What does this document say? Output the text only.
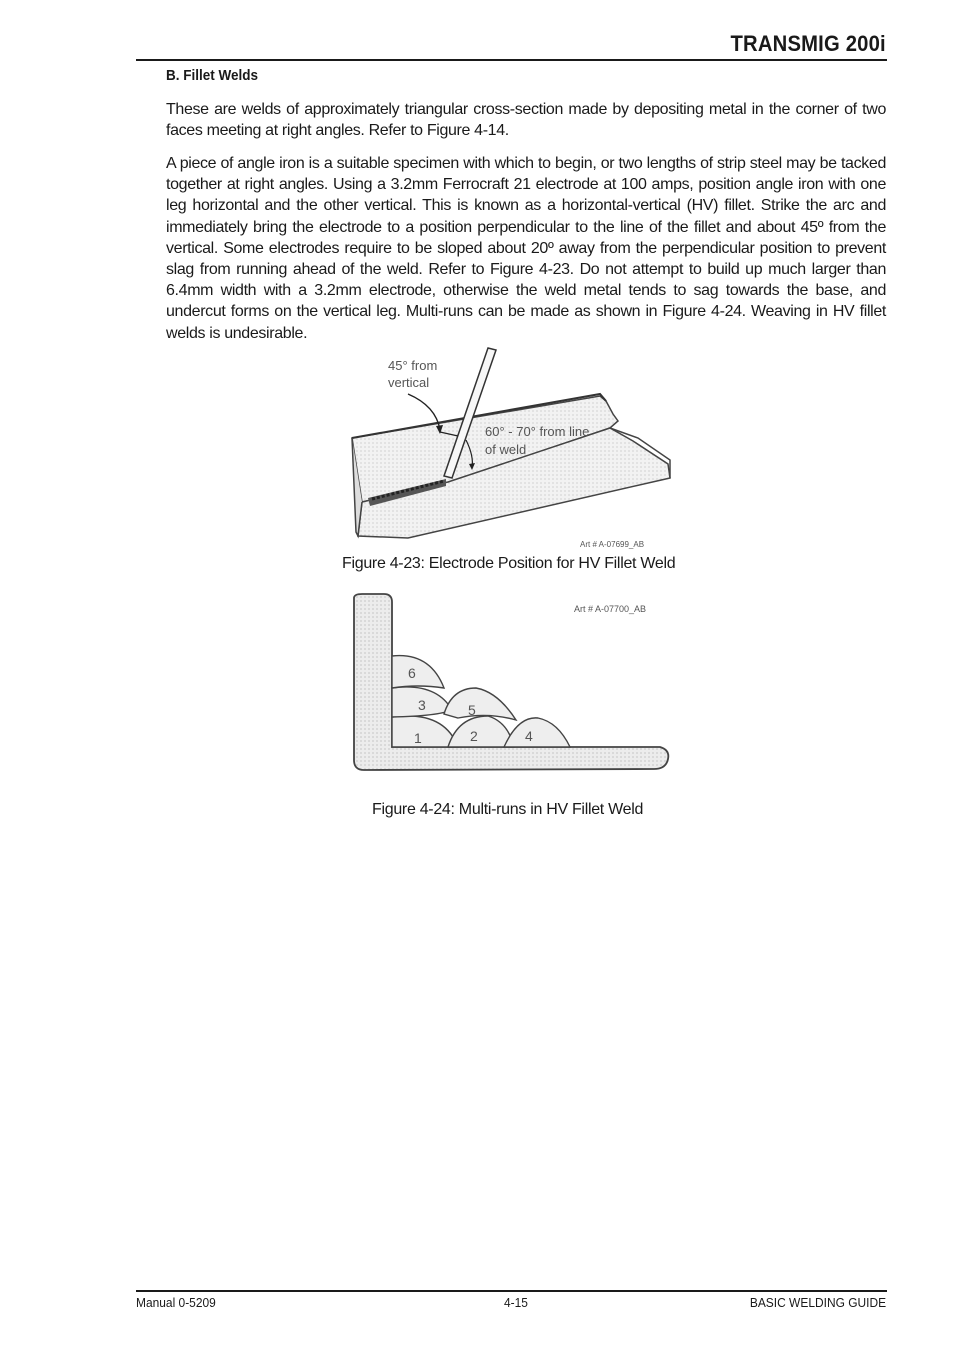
TRANSMIG 200i
B. Fillet Welds

These are welds of approximately triangular cross-section made by depositing metal in the corner of two faces meeting at right angles. Refer to Figure 4-14.

A piece of angle iron is a suitable specimen with which to begin, or two lengths of strip steel may be tacked together at right angles. Using a 3.2mm Ferrocraft 21 electrode at 100 amps, position angle iron with one leg horizontal and the other vertical. This is known as a horizontal-vertical (HV) fillet. Strike the arc and immediately bring the electrode to a position perpendicular to the line of the fillet and about 45º from the vertical. Some electrodes require to be sloped about 20º away from the perpendicular position to prevent slag from running ahead of the weld. Refer to Figure 4-23. Do not attempt to build up much larger than 6.4mm width with a 3.2mm electrode, otherwise the weld metal tends to sag towards the base, and undercut forms on the vertical leg. Multi-runs can be made as shown in Figure 4-24. Weaving in HV fillet welds is undesirable.

45° from
vertical
60° - 70° from line
of weld
Art # A-07699_AB
Figure 4-23: Electrode Position for HV Fillet Weld
1	2
3
4
5
6
Art # A-07700_AB
Figure 4-24: Multi-runs in HV Fillet Weld
Manual 0-5209	4-15	BASIC WELDING GUIDE
